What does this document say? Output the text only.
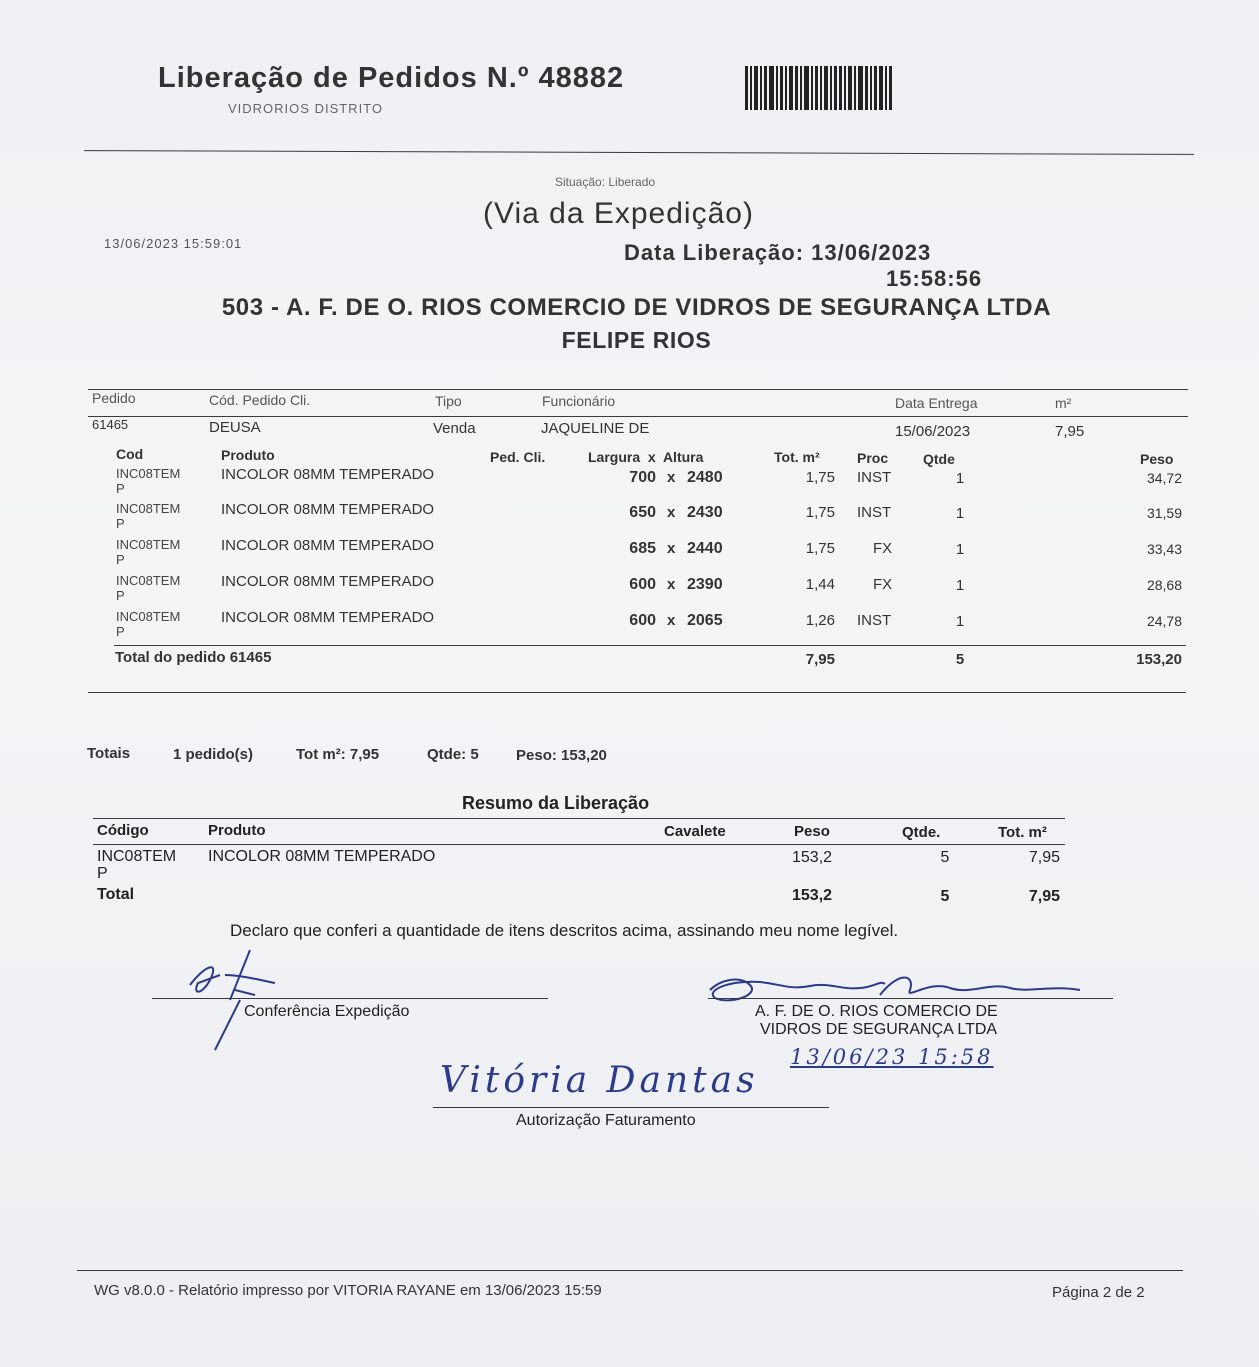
Liberação de Pedidos N.º 48882
VIDRORIOS DISTRITO
Situação: Liberado
(Via da Expedição)
13/06/2023 15:59:01	Data Liberação: 13/06/2023
15:58:56
503 - A. F. DE O. RIOS COMERCIO DE VIDROS DE SEGURANÇA LTDA
FELIPE RIOS
Pedido	Cód. Pedido Cli.	Tipo	Funcionário	Data Entrega	m²
61465	DEUSA	Venda	JAQUELINE DE	15/06/2023	7,95
Cod	Produto	Ped. Cli.	Largura  x  Altura	Tot. m²	Proc Qtde	Peso
INC08TEM
P
INCOLOR 08MM TEMPERADO	700 x 2480	1,75 INST	1	34,72
INC08TEM
P
INCOLOR 08MM TEMPERADO	650 x 2430	1,75 INST	1	31,59
INC08TEM
P
INCOLOR 08MM TEMPERADO	685 x 2440	1,75	FX	1	33,43
INC08TEM
P
INCOLOR 08MM TEMPERADO	600 x 2390	1,44	FX	1	28,68
INC08TEM
P
INCOLOR 08MM TEMPERADO	600 x 2065	1,26 INST	1	24,78
Total do pedido 61465	7,95	5	153,20
Totais	1 pedido(s)	Tot m²: 7,95	Qtde: 5 Peso: 153,20
Resumo da Liberação
Código	Produto	Cavalete	Peso	Qtde.	Tot. m²
INC08TEM
P
INCOLOR 08MM TEMPERADO	153,2	5	7,95
Total	153,2	5	7,95
Declaro que conferi a quantidade de itens descritos acima, assinando meu nome legível.
Conferência Expedição	A. F. DE O. RIOS COMERCIO DE
VIDROS DE SEGURANÇA LTDA
13/06/23 15:58
Vitória Dantas
Autorização Faturamento
WG v8.0.0 - Relatório impresso por VITORIA RAYANE em 13/06/2023 15:59	Página 2 de 2
